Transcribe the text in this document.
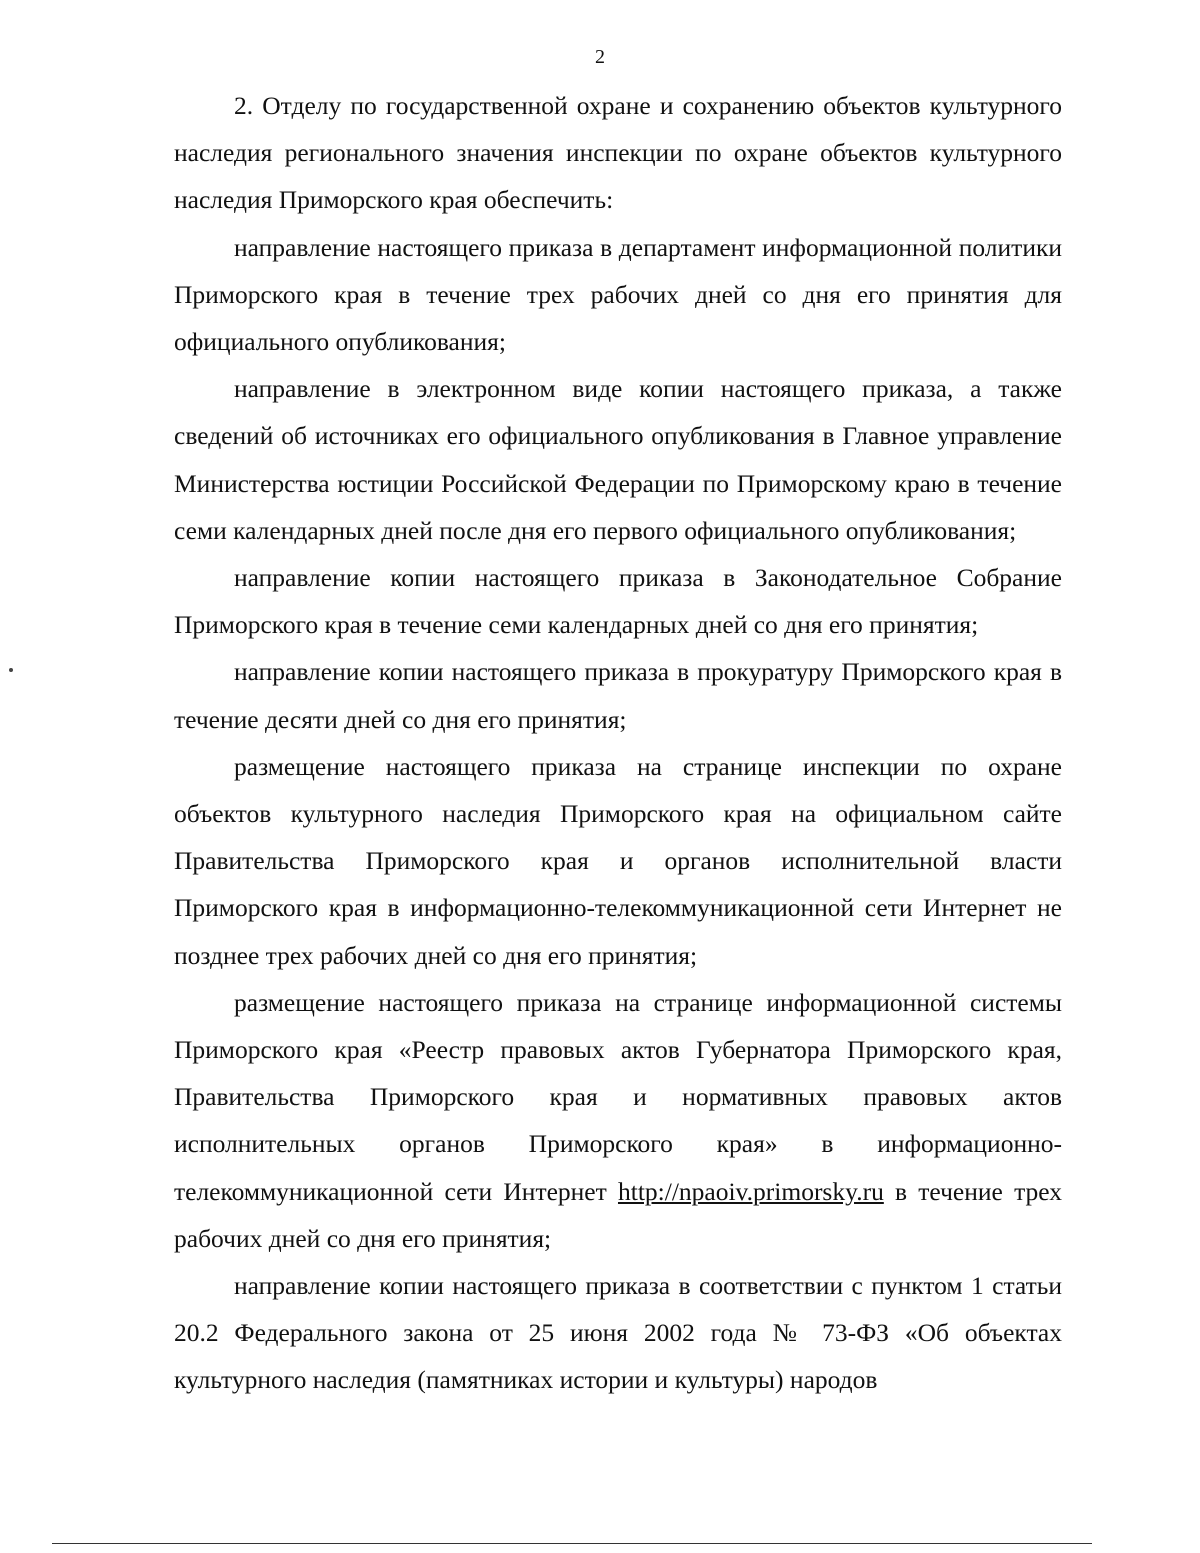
2

2. Отделу по государственной охране и сохранению объектов культурного наследия регионального значения инспекции по охране объектов культурного наследия Приморского края обеспечить:

направление настоящего приказа в департамент информационной политики Приморского края в течение трех рабочих дней со дня его принятия для официального опубликования;

направление в электронном виде копии настоящего приказа, а также сведений об источниках его официального опубликования в Главное управление Министерства юстиции Российской Федерации по Приморскому краю в течение семи календарных дней после дня его первого официального опубликования;

направление копии настоящего приказа в Законодательное Собрание Приморского края в течение семи календарных дней со дня его принятия;

направление копии настоящего приказа в прокуратуру Приморского края в течение десяти дней со дня его принятия;

размещение настоящего приказа на странице инспекции по охране объектов культурного наследия Приморского края на официальном сайте Правительства Приморского края и органов исполнительной власти Приморского края в информационно-телекоммуникационной сети Интернет не позднее трех рабочих дней со дня его принятия;

размещение настоящего приказа на странице информационной системы Приморского края «Реестр правовых актов Губернатора Приморского края, Правительства Приморского края и нормативных правовых актов исполнительных органов Приморского края» в информационно-телекоммуникационной сети Интернет http://npaoiv.primorsky.ru в течение трех рабочих дней со дня его принятия;

направление копии настоящего приказа в соответствии с пунктом 1 статьи 20.2 Федерального закона от 25 июня 2002 года № 73-ФЗ «Об объектах культурного наследия (памятниках истории и культуры) народов
